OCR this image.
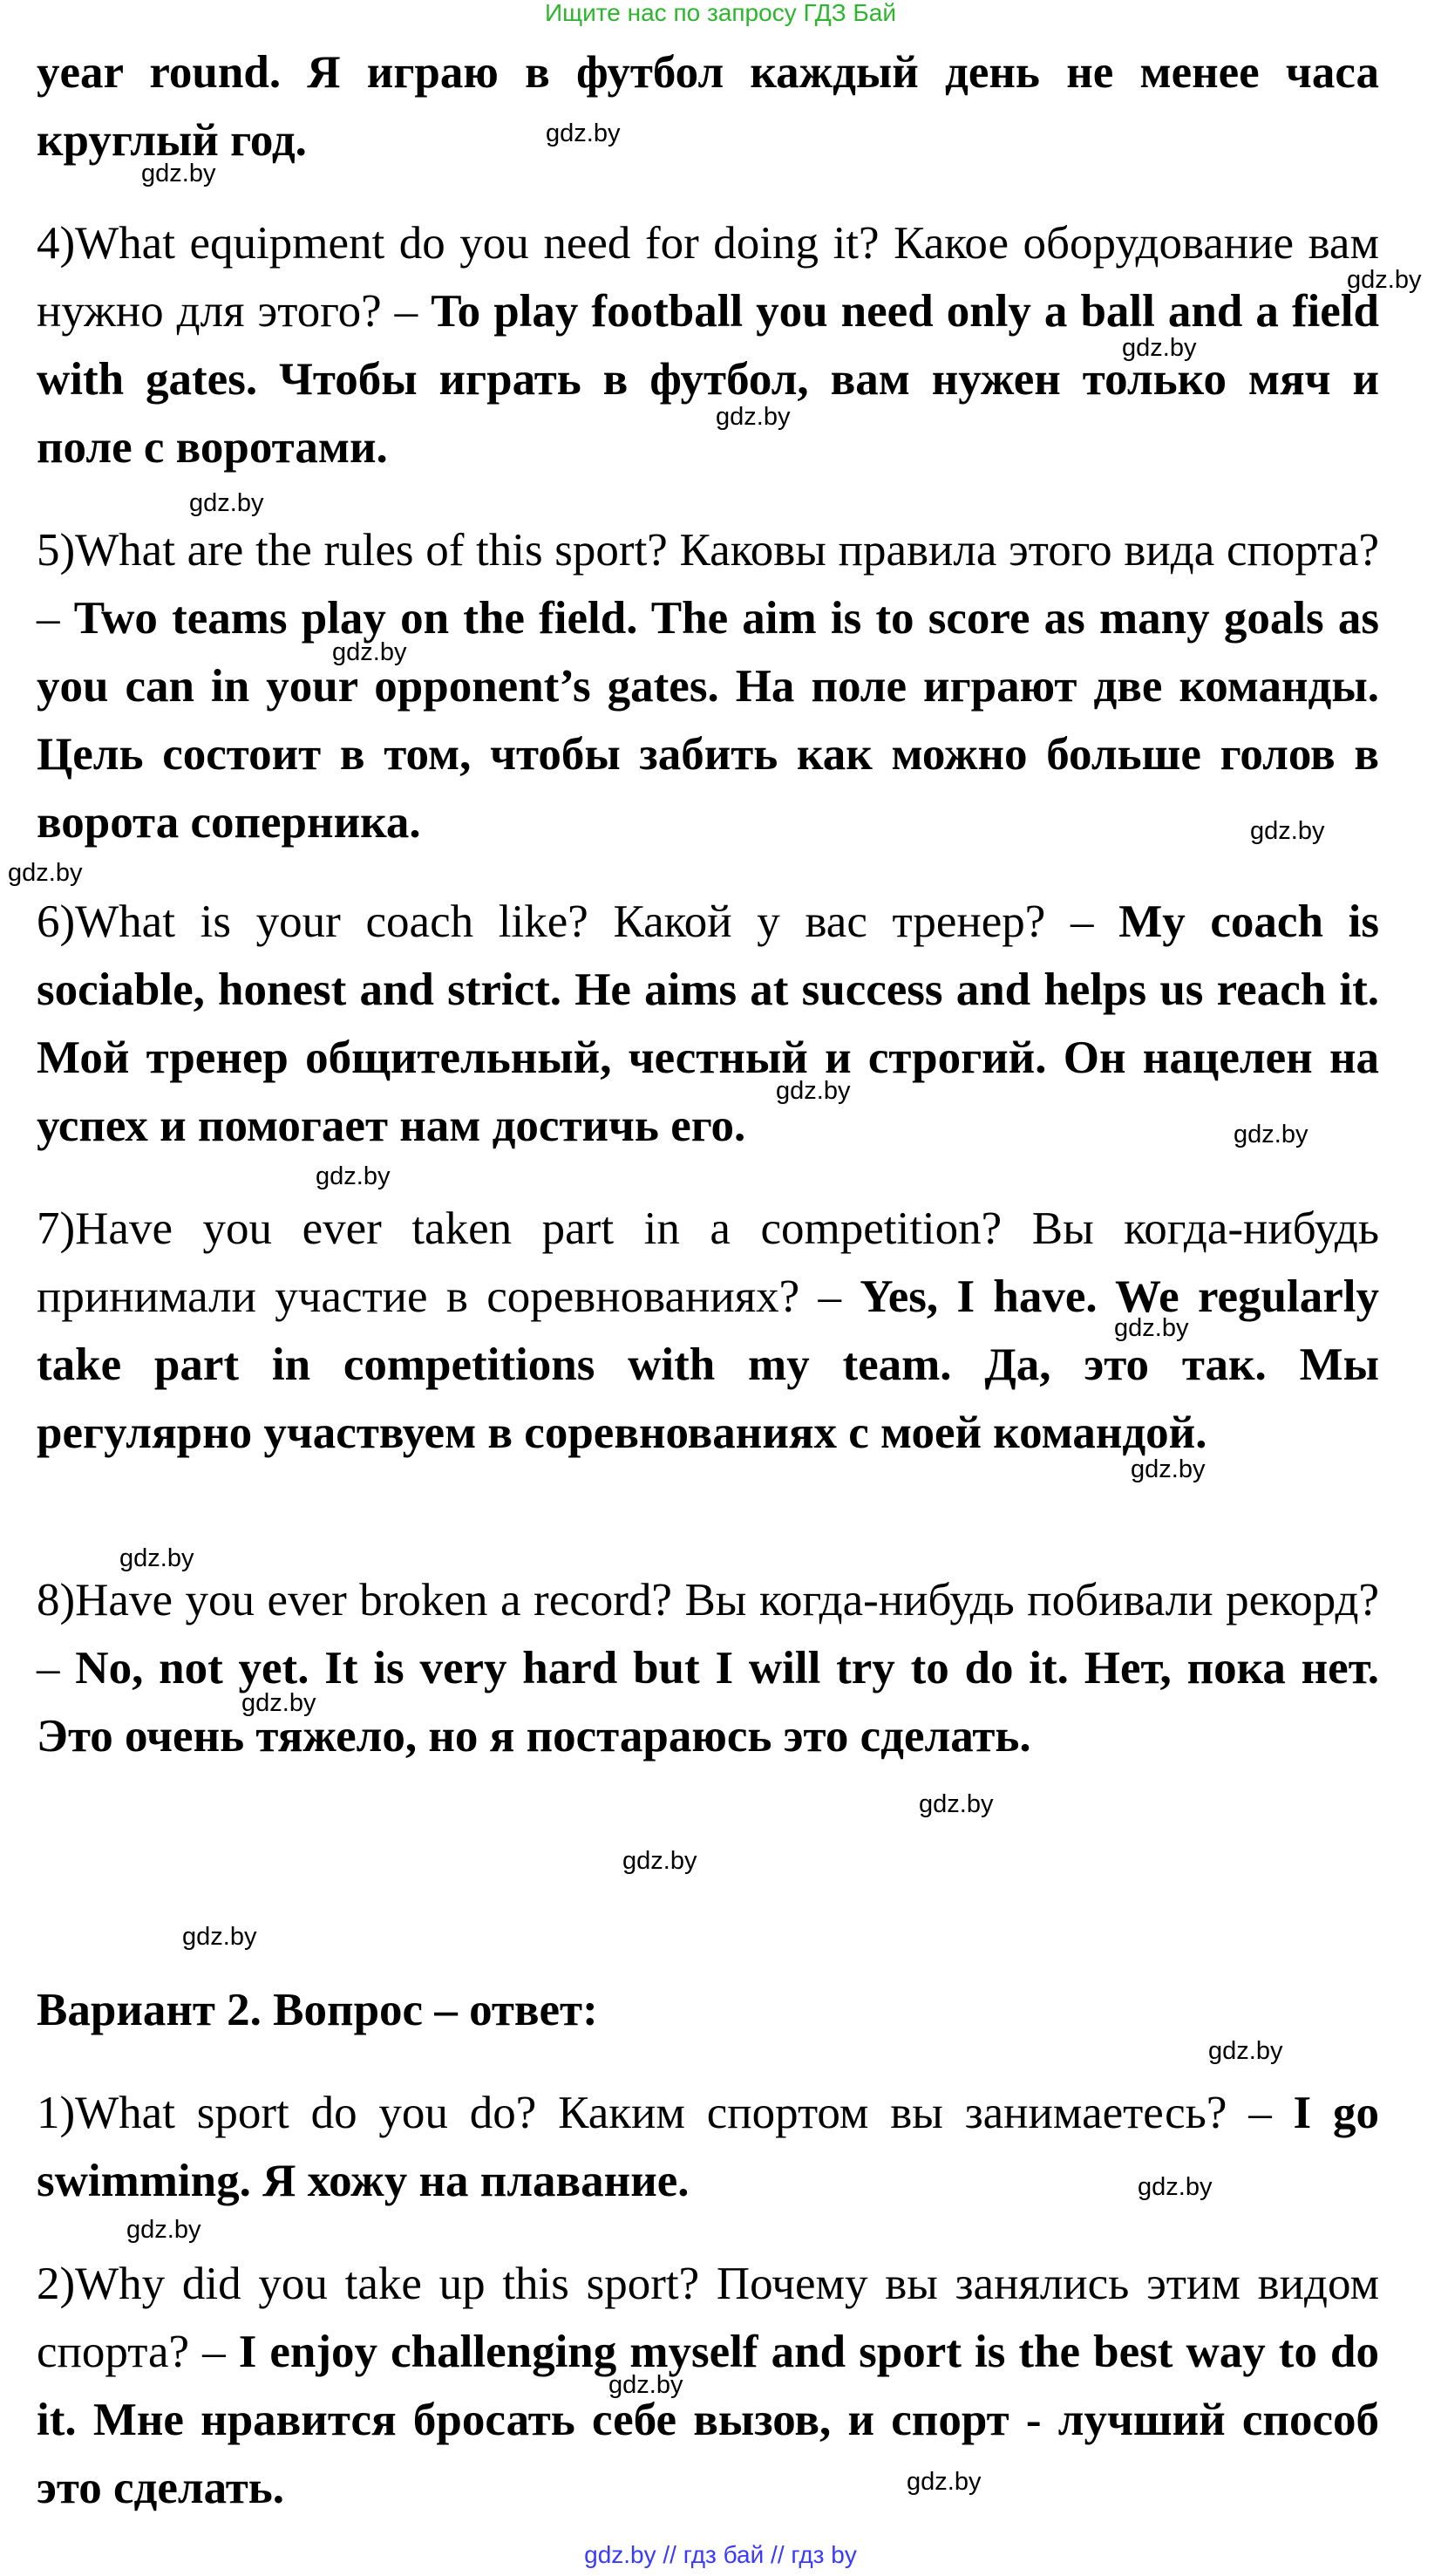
Ищите нас по запросу ГДЗ Бай
year round. Я играю в футбол каждый день не менее часа круглый год.
4)What equipment do you need for doing it? Какое оборудование вам нужно для этого? – To play football you need only a ball and a field with gates. Чтобы играть в футбол, вам нужен только мяч и поле с воротами.
5)What are the rules of this sport? Каковы правила этого вида спорта? – Two teams play on the field. The aim is to score as many goals as you can in your opponent’s gates. На поле играют две команды. Цель состоит в том, чтобы забить как можно больше голов в ворота соперника.
6)What is your coach like? Какой у вас тренер? – My coach is sociable, honest and strict. He aims at success and helps us reach it. Мой тренер общительный, честный и строгий. Он нацелен на успех и помогает нам достичь его.
7)Have you ever taken part in a competition? Вы когда-нибудь принимали участие в соревнованиях? – Yes, I have. We regularly take part in competitions with my team. Да, это так. Мы регулярно участвуем в соревнованиях с моей командой.
8)Have you ever broken a record? Вы когда-нибудь побивали рекорд? – No, not yet. It is very hard but I will try to do it. Нет, пока нет. Это очень тяжело, но я постараюсь это сделать.
Вариант 2. Вопрос – ответ:
1)What sport do you do? Каким спортом вы занимаетесь? – I go swimming. Я хожу на плавание.
2)Why did you take up this sport? Почему вы занялись этим видом спорта? – I enjoy challenging myself and sport is the best way to do it. Мне нравится бросать себе вызов, и спорт - лучший способ это сделать.
gdz.by
gdz.by
gdz.by
gdz.by
gdz.by
gdz.by
gdz.by
gdz.by
gdz.by
gdz.by
gdz.by
gdz.by
gdz.by
gdz.by
gdz.by
gdz.by
gdz.by
gdz.by
gdz.by
gdz.by
gdz.by
gdz.by
gdz.by
gdz.by
gdz.by // гдз бай // гдз by
